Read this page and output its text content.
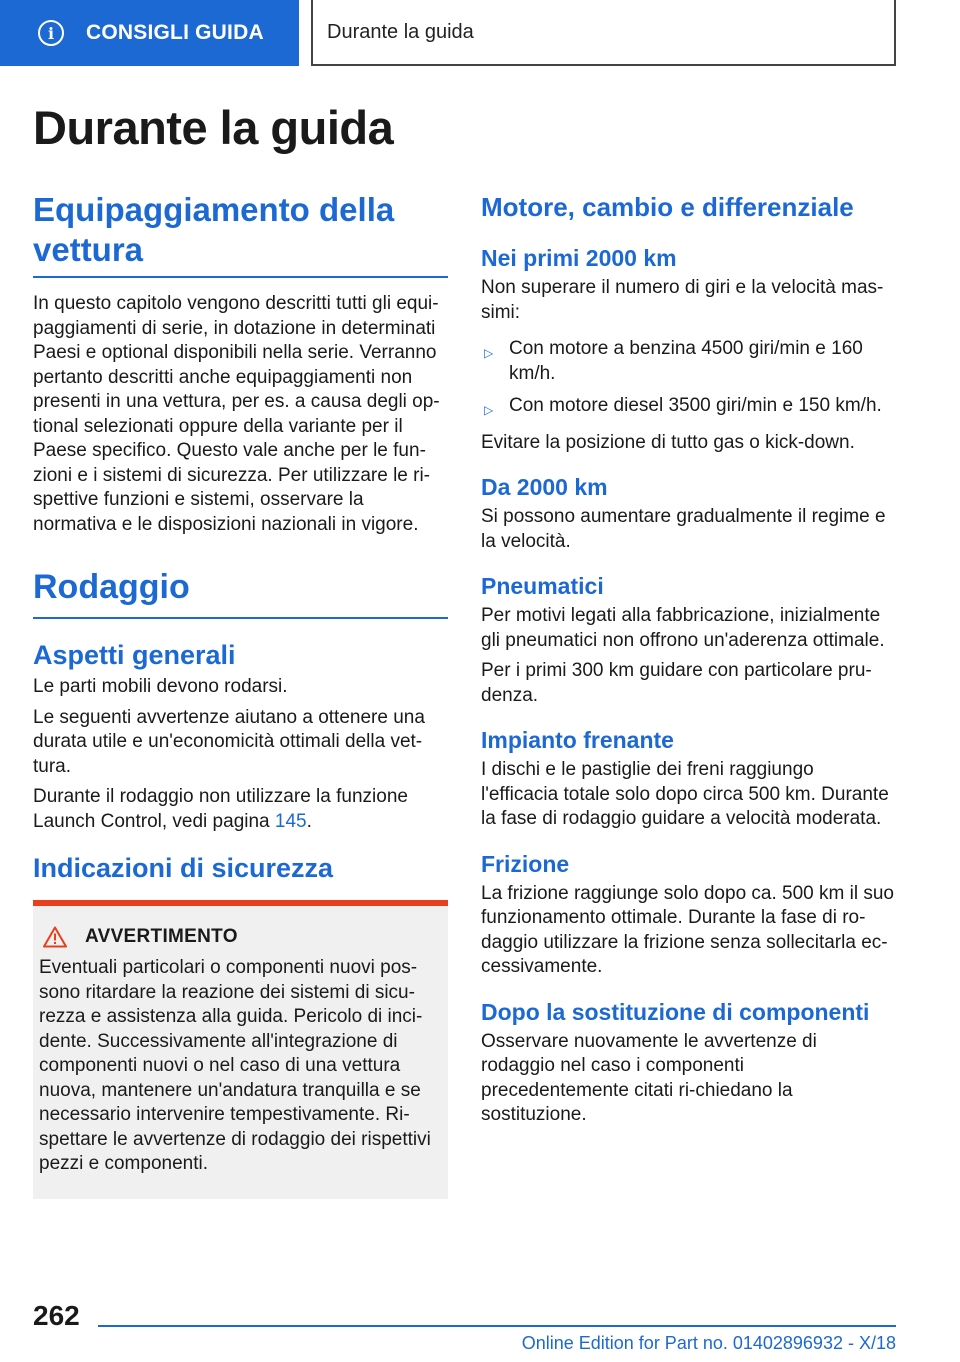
i	CONSIGLI GUIDA	Durante la guida
Durante la guida
Equipaggiamento della vettura

In questo capitolo vengono descritti tutti gli equi-paggiamenti di serie, in dotazione in determinati Paesi e optional disponibili nella serie. Verranno pertanto descritti anche equipaggiamenti non presenti in una vettura, per es. a causa degli op-tional selezionati oppure della variante per il Paese specifico. Questo vale anche per le fun-zioni e i sistemi di sicurezza. Per utilizzare le ri-spettive funzioni e sistemi, osservare la normativa e le disposizioni nazionali in vigore.

Rodaggio
Aspetti generali

Le parti mobili devono rodarsi.

Le seguenti avvertenze aiutano a ottenere una durata utile e un'economicità ottimali della vet-tura.

Durante il rodaggio non utilizzare la funzione Launch Control, vedi pagina 145.

Indicazioni di sicurezza
AVVERTIMENTO

Eventuali particolari o componenti nuovi pos-sono ritardare la reazione dei sistemi di sicu-rezza e assistenza alla guida. Pericolo di inci-dente. Successivamente all'integrazione di componenti nuovi o nel caso di una vettura nuova, mantenere un'andatura tranquilla e se necessario intervenire tempestivamente. Ri-spettare le avvertenze di rodaggio dei rispettivi pezzi e componenti.

Motore, cambio e differenziale
Nei primi 2000 km

Non superare il numero di giri e la velocità mas-simi:

▷ Con motore a benzina 4500 giri/min e 160 km/h.
▷ Con motore diesel 3500 giri/min e 150 km/h.

Evitare la posizione di tutto gas o kick-down.

Da 2000 km

Si possono aumentare gradualmente il regime e la velocità.

Pneumatici

Per motivi legati alla fabbricazione, inizialmente gli pneumatici non offrono un'aderenza ottimale.

Per i primi 300 km guidare con particolare pru-denza.

Impianto frenante

I dischi e le pastiglie dei freni raggiungo l'efficacia totale solo dopo circa 500 km. Durante la fase di rodaggio guidare a velocità moderata.

Frizione

La frizione raggiunge solo dopo ca. 500 km il suo funzionamento ottimale. Durante la fase di ro-daggio utilizzare la frizione senza sollecitarla ec-cessivamente.

Dopo la sostituzione di componenti

Osservare nuovamente le avvertenze di rodaggio nel caso i componenti precedentemente citati ri-chiedano la sostituzione.

262
Online Edition for Part no. 01402896932 - X/18
